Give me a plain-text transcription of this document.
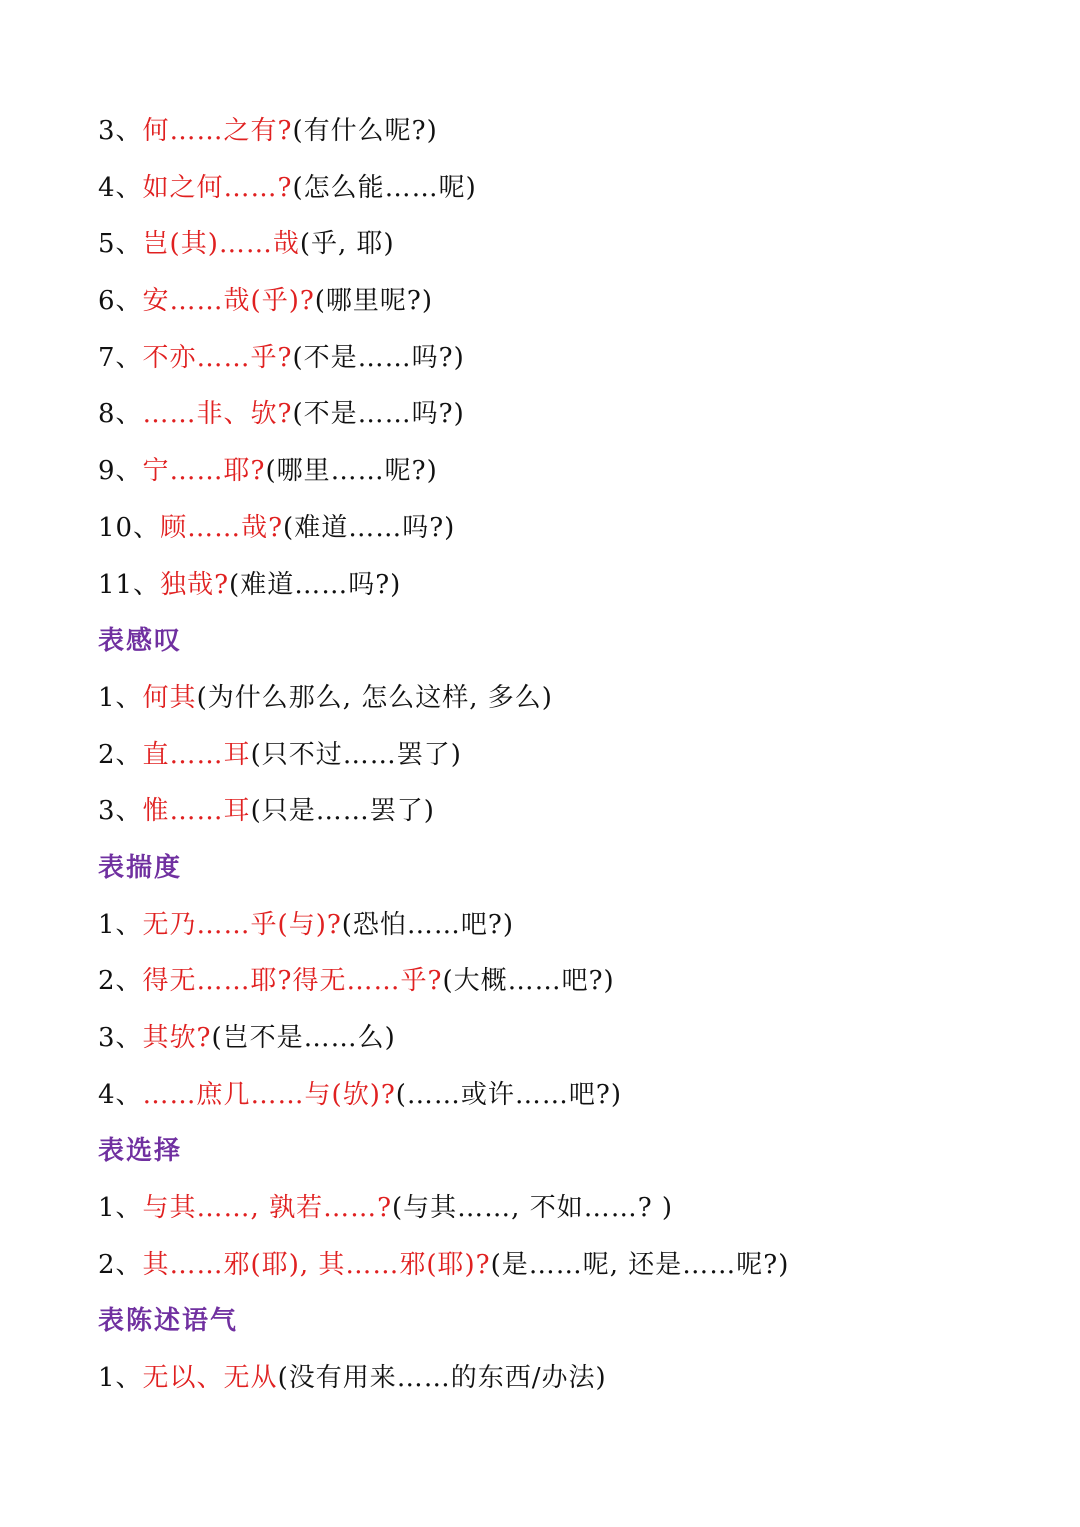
3、何……之有?(有什么呢?)
4、如之何……?(怎么能……呢)
5、岂(其)……哉(乎, 耶)
6、安……哉(乎)?(哪里呢?)
7、不亦……乎?(不是……吗?)
8、……非、欤?(不是……吗?)
9、宁……耶?(哪里……呢?)
10、顾……哉?(难道……吗?)
11、独哉?(难道……吗?)
表感叹
1、何其(为什么那么, 怎么这样, 多么)
2、直……耳(只不过……罢了)
3、惟……耳(只是……罢了)
表揣度
1、无乃……乎(与)?(恐怕……吧?)
2、得无……耶?得无……乎?(大概……吧?)
3、其欤?(岂不是……么)
4、……庶几……与(欤)?(……或许……吧?)
表选择
1、与其……, 孰若……?(与其……, 不如……? )
2、其……邪(耶), 其……邪(耶)?(是……呢, 还是……呢?)
表陈述语气
1、无以、无从(没有用来……的东西/办法)
